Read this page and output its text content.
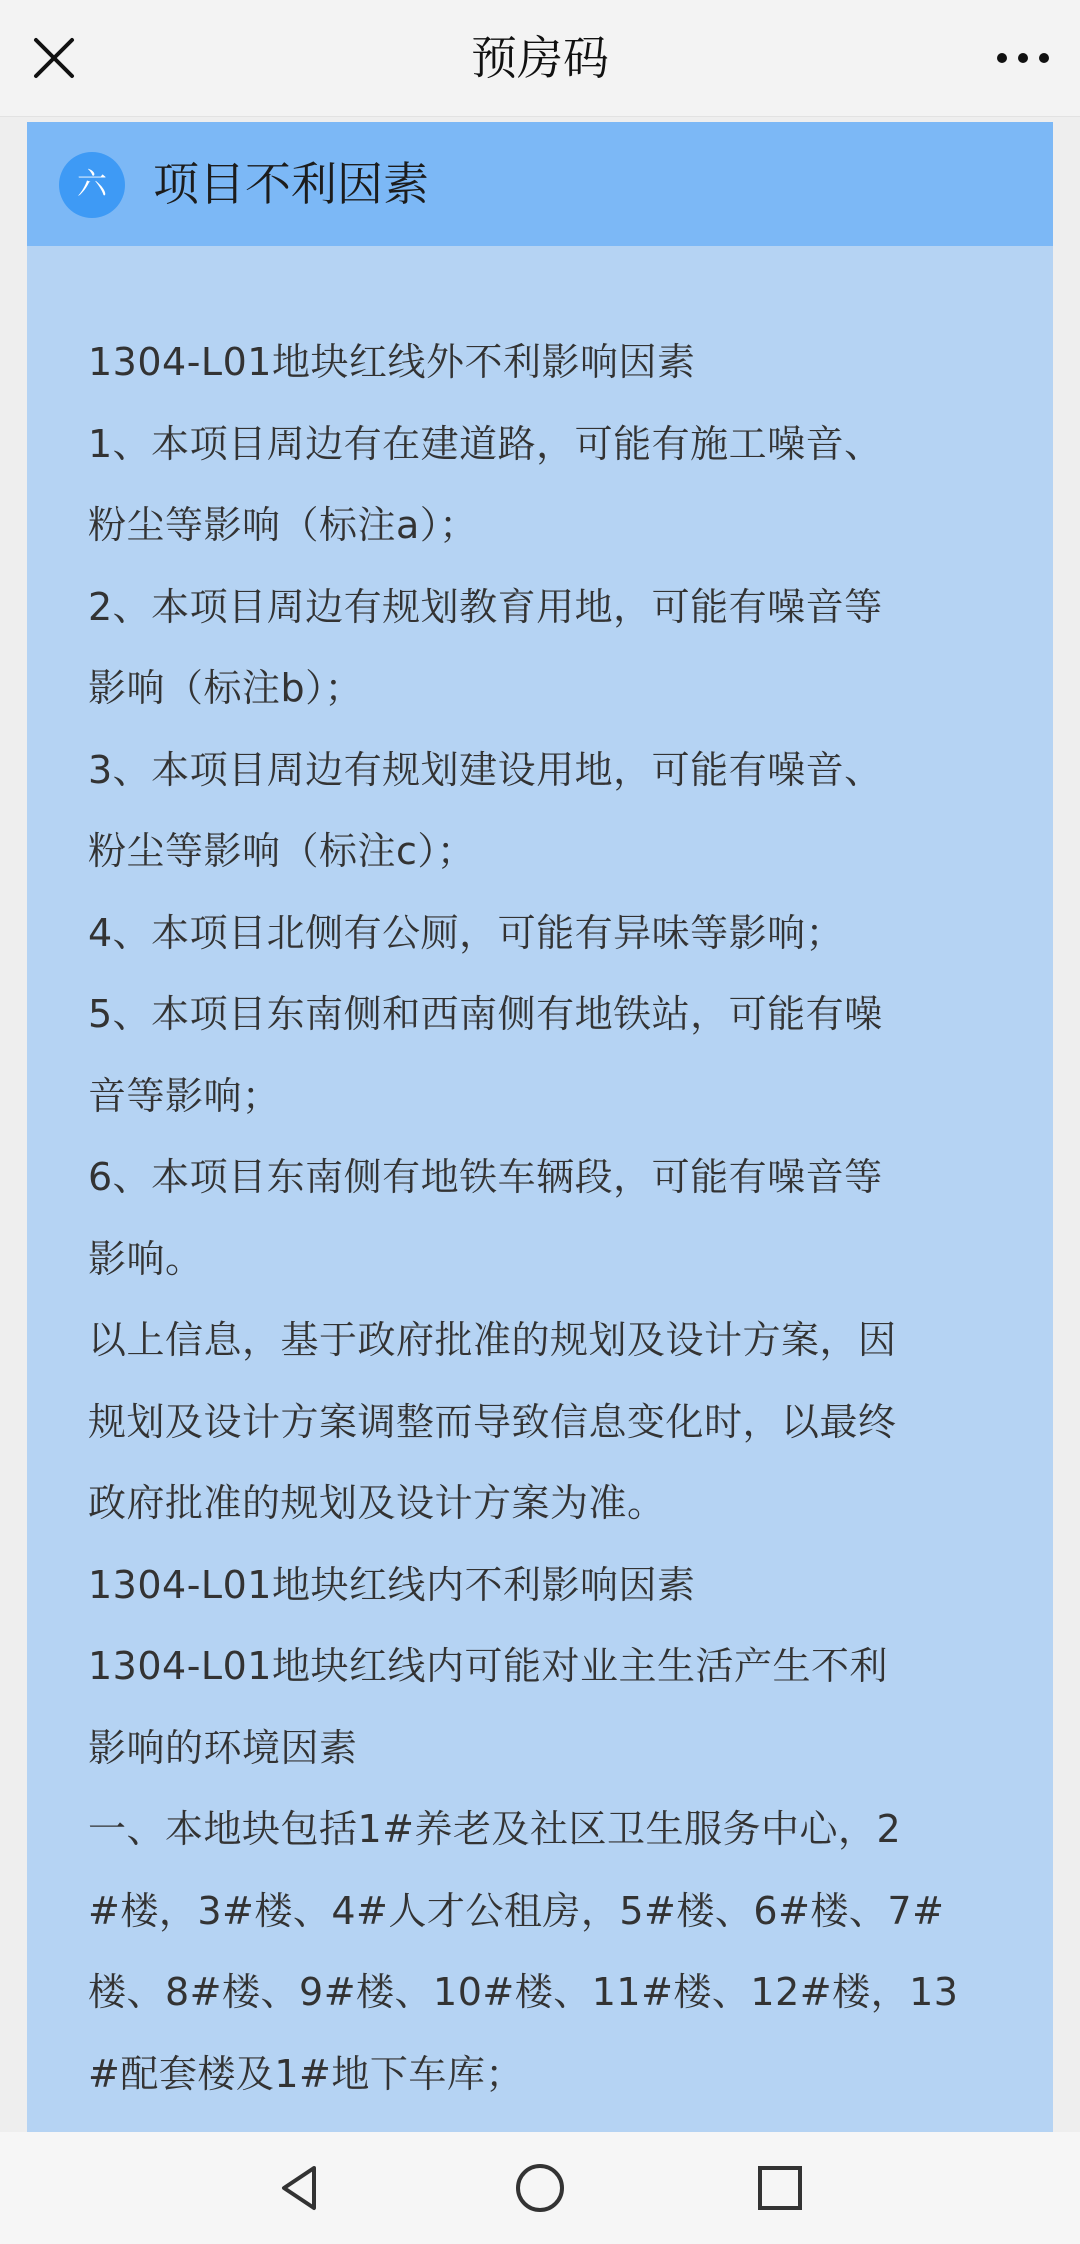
预房码
六	项目不利因素
1304-L01地块红线外不利影响因素
1、本项目周边有在建道路，可能有施工噪音、
粉尘等影响（标注a）；
2、本项目周边有规划教育用地，可能有噪音等
影响（标注b）；
3、本项目周边有规划建设用地，可能有噪音、
粉尘等影响（标注c）；
4、本项目北侧有公厕，可能有异味等影响；
5、本项目东南侧和西南侧有地铁站，可能有噪
音等影响；
6、本项目东南侧有地铁车辆段，可能有噪音等
影响。
以上信息，基于政府批准的规划及设计方案，因
规划及设计方案调整而导致信息变化时，以最终
政府批准的规划及设计方案为准。
1304-L01地块红线内不利影响因素
1304-L01地块红线内可能对业主生活产生不利
影响的环境因素
一、本地块包括1#养老及社区卫生服务中心，2
#楼，3#楼、4#人才公租房，5#楼、6#楼、7#
楼、8#楼、9#楼、10#楼、11#楼、12#楼，13
#配套楼及1#地下车库；
